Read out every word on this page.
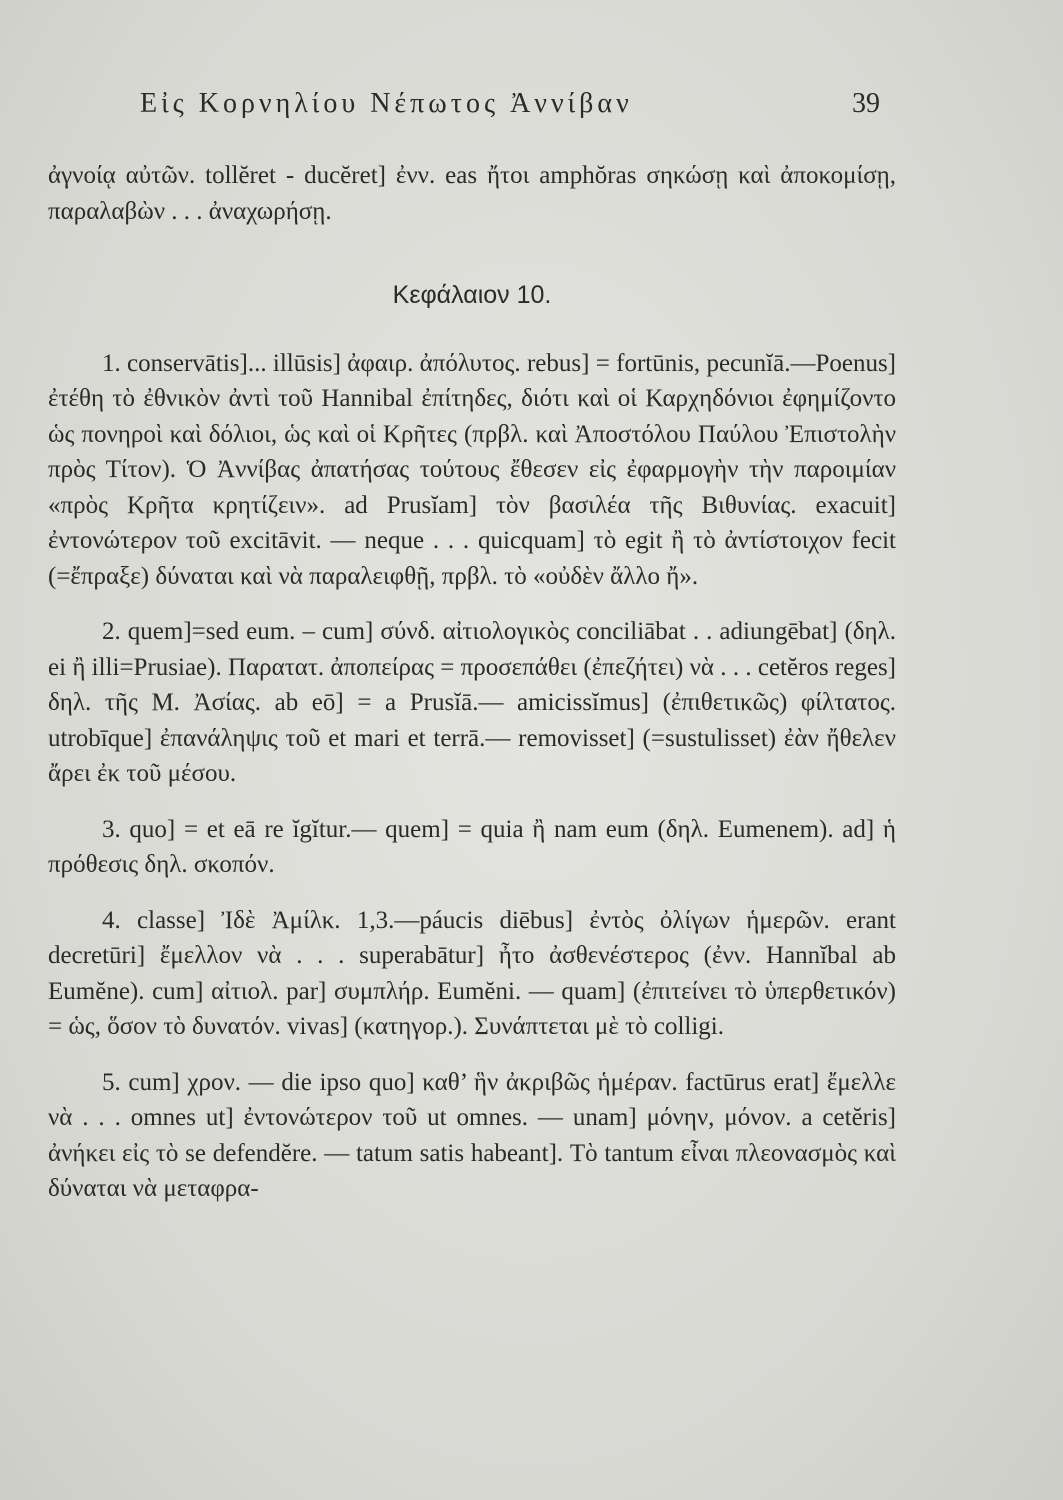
Εἰς Κορνηλίου Νέπωτος Ἀννίβαν	39

ἀγνοίᾳ αὐτῶν. tollĕret - ducĕret] ἐνν. eas ἤτοι amphŏras σηκώσῃ καὶ ἀποκομίσῃ, παραλαβὼν . . . ἀναχωρήσῃ.

Κεφάλαιον 10.

1. conservātis]... illūsis] ἀφαιρ. ἀπόλυτος. rebus] = fortūnis, pecunĭā.—Poenus] ἐτέθη τὸ ἐθνικὸν ἀντὶ τοῦ Hannibal ἐπίτηδες, διότι καὶ οἱ Καρχηδόνιοι ἐφημίζοντο ὡς πονηροὶ καὶ δόλιοι, ὡς καὶ οἱ Κρῆτες (πρβλ. καὶ Ἀποστόλου Παύλου Ἐπιστολὴν πρὸς Τίτον). Ὁ Ἀννίβας ἀπατήσας τούτους ἔθεσεν εἰς ἐφαρμογὴν τὴν παροιμίαν «πρὸς Κρῆτα κρητίζειν». ad Prusĭam] τὸν βασιλέα τῆς Βιθυνίας. exacuit] ἐντονώτερον τοῦ excitāvit. — neque . . . quicquam] τὸ egit ἢ τὸ ἀντίστοιχον fecit (=ἔπραξε) δύναται καὶ νὰ παραλειφθῇ, πρβλ. τὸ «οὐδὲν ἄλλο ἤ».

2. quem]=sed eum. – cum] σύνδ. αἰτιολογικὸς conciliābat . . adiungēbat] (δηλ. ei ἢ illi=Prusiae). Παρατατ. ἀποπείρας = προσεπάθει (ἐπεζήτει) νὰ . . . cetĕros reges] δηλ. τῆς Μ. Ἀσίας. ab eō] = a Prusĭā.— amicissĭmus] (ἐπιθετικῶς) φίλτατος. utrobīque] ἐπανάληψις τοῦ et mari et terrā.— removisset] (=sustulisset) ἐὰν ἤθελεν ἄρει ἐκ τοῦ μέσου.

3. quo] = et eā re ĭgĭtur.— quem] = quia ἢ nam eum (δηλ. Eumenem). ad] ἡ πρόθεσις δηλ. σκοπόν.

4. classe] Ἰδὲ Ἀμίλκ. 1,3.—páucis diēbus] ἐντὸς ὀλίγων ἡμερῶν. erant decretūri] ἔμελλον νὰ . . . superabātur] ἦτο ἀσθενέστερος (ἐνν. Hannĭbal ab Eumĕne). cum] αἰτιολ. par] συμπλήρ. Eumĕni. — quam] (ἐπιτείνει τὸ ὑπερθετικόν) = ὡς, ὅσον τὸ δυνατόν. vivas] (κατηγορ.). Συνάπτεται μὲ τὸ colligi.

5. cum] χρον. — die ipso quo] καθ’ ἣν ἀκριβῶς ἡμέραν. factūrus erat] ἔμελλε νὰ . . . omnes ut] ἐντονώτερον τοῦ ut omnes. — unam] μόνην, μόνον. a cetĕris] ἀνήκει εἰς τὸ se defendĕre. — tatum satis habeant]. Τὸ tantum εἶναι πλεονασμὸς καὶ δύναται νὰ μεταφρα-
